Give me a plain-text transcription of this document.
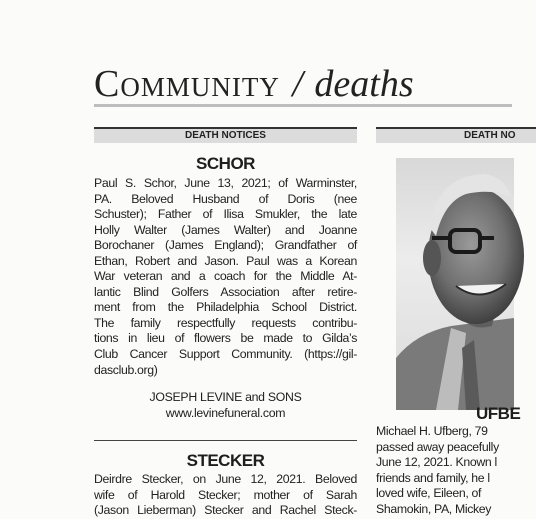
Community / deaths
DEATH NOTICES
SCHOR
Paul S. Schor, June 13, 2021; of Warminster,
PA. Beloved Husband of Doris (nee
Schuster); Father of Ilisa Smukler, the late
Holly Walter (James Walter) and Joanne
Borochaner (James England); Grandfather of
Ethan, Robert and Jason. Paul was a Korean
War veteran and a coach for the Middle At-
lantic Blind Golfers Association after retire-
ment from the Philadelphia School District.
The family respectfully requests contribu-
tions in lieu of flowers be made to Gilda’s
Club Cancer Support Community. (https://gil-
dasclub.org)
JOSEPH LEVINE and SONS
www.levinefuneral.com
STECKER
Deirdre Stecker, on June 12, 2021. Beloved
wife of Harold Stecker; mother of Sarah
(Jason Lieberman) Stecker and Rachel Steck-
DEATH NO
UFBE
Michael H. Ufberg, 79
passed away peacefully
June 12, 2021. Known l
friends and family, he l
loved wife, Eileen, of
Shamokin, PA, Mickey
